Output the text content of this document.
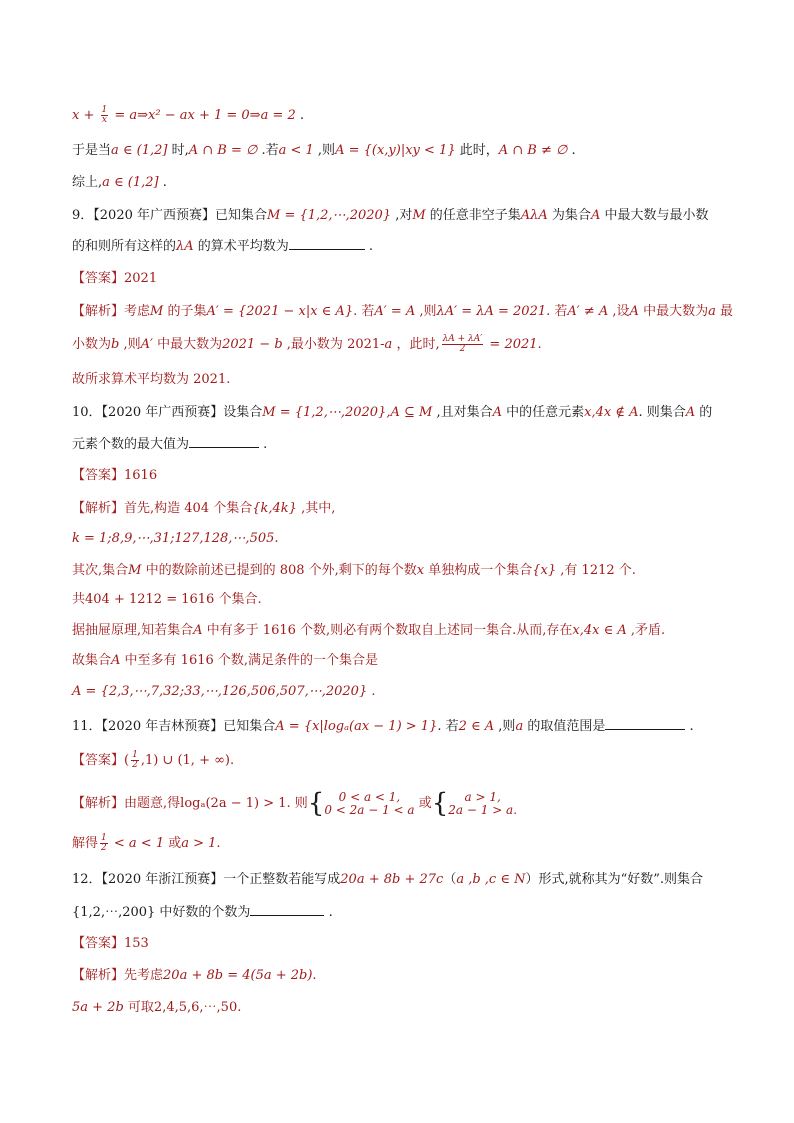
$x + \frac{1}{x}$ = a⇒x² − ax + 1 = 0⇒a = 2 .
于是当a ∈ (1,2] 时,A ∩ B = ∅ .若a < 1 ,则A = {(x,y)|xy < 1} 此时，A ∩ B ≠ ∅ .
综上,a ∈ (1,2] .
9．【2020 年广西预赛】已知集合M = {1,2,⋯,2020} ,对M 的任意非空子集AλA 为集合A 中最大数与最小数
的和则所有这样的λA 的算术平均数为	.
【答案】2021
【解析】考虑M 的子集A′ = {2021 − x|x ∈ A}. 若A′ = A ,则λA′ = λA = 2021. 若A′ ≠ A ,设A 中最大数为a 最
小数为b ,则A′ 中最大数为2021 − b ,最小数为 2021-a ，此时, $\frac{\lambda A + \lambda A'}{2} = 2021$.
故所求算术平均数为 2021.
10．【2020 年广西预赛】设集合M = {1,2,⋯,2020},A ⊆ M ,且对集合A 中的任意元素x,4x ∉ A. 则集合A 的
元素个数的最大值为	.
【答案】1616
【解析】首先,构造 404 个集合{k,4k} ,其中,
k = 1;8,9,⋯,31;127,128,⋯,505.
其次,集合M 中的数除前述已提到的 808 个外,剩下的每个数x 单独构成一个集合{x} ,有 1212 个.
共404 + 1212 = 1616 个集合.
据抽屉原理,知若集合A 中有多于 1616 个数,则必有两个数取自上述同一集合.从而,存在x,4x ∈ A ,矛盾.
故集合A 中至多有 1616 个数,满足条件的一个集合是
A = {2,3,⋯,7,32;33,⋯,126,506,507,⋯,2020} .
11．【2020 年吉林预赛】已知集合A = {x|logₐ(ax − 1) > 1}. 若2 ∈ A ,则a 的取值范围是	.
【答案】( $\frac{1}{2} ,1$) ∪ (1, + ∞).
【解析】由题意,得logₐ(2a − 1) > 1. 则{	0 < a < 1,
0 < 2a − 1 < a 或{	a > 1,
2a − 1 > a.
解得 $\frac{1}{2} < a < 1$ 或a > 1.
12．【2020 年浙江预赛】一个正整数若能写成20a + 8b + 27c（a ,b ,c ∈ N）形式,就称其为“好数”.则集合
{1,2,⋯,200} 中好数的个数为	.
【答案】153
【解析】先考虑20a + 8b = 4(5a + 2b).
5a + 2b 可取2,4,5,6,⋯,50.
